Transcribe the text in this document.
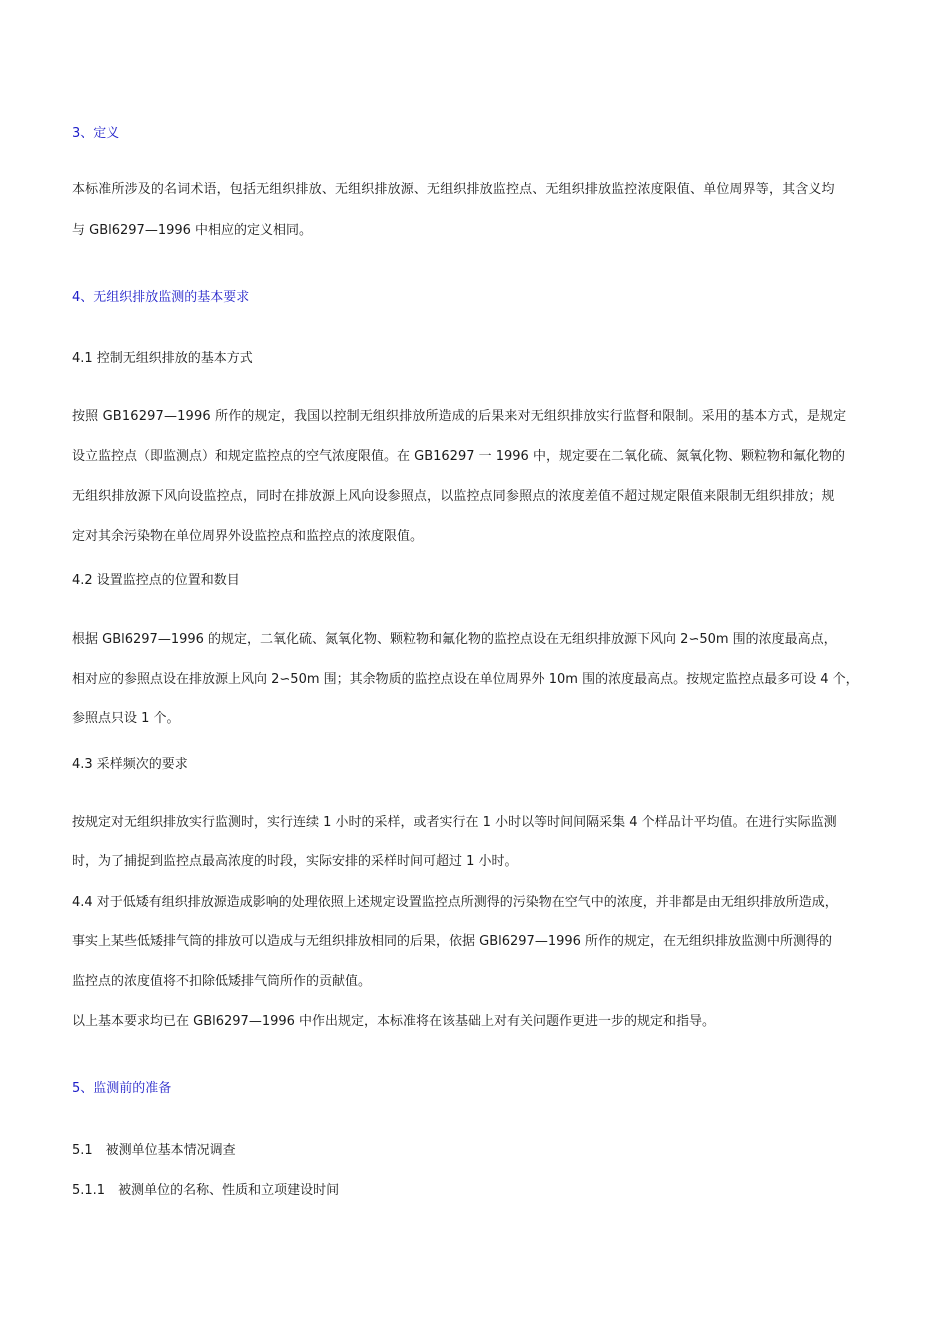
3、定义

本标准所涉及的名词术语，包括无组织排放、无组织排放源、无组织排放监控点、无组织排放监控浓度限值、单位周界等，其含义均

与 GBl6297—1996 中相应的定义相同。

4、无组织排放监测的基本要求

4.1 控制无组织排放的基本方式

按照 GB16297—1996 所作的规定，我国以控制无组织排放所造成的后果来对无组织排放实行监督和限制。采用的基本方式，是规定

设立监控点（即监测点）和规定监控点的空气浓度限值。在 GB16297 一 1996 中，规定要在二氧化硫、氮氧化物、颗粒物和氟化物的

无组织排放源下风向设监控点，同时在排放源上风向设参照点，以监控点同参照点的浓度差值不超过规定限值来限制无组织排放；规

定对其余污染物在单位周界外设监控点和监控点的浓度限值。

4.2 设置监控点的位置和数目

根据 GBl6297—1996 的规定，二氧化硫、氮氧化物、颗粒物和氟化物的监控点设在无组织排放源下风向 2∽50m 围的浓度最高点，

相对应的参照点设在排放源上风向 2∽50m 围；其余物质的监控点设在单位周界外 10m 围的浓度最高点。按规定监控点最多可设 4 个，

参照点只设 1 个。

4.3 采样频次的要求

按规定对无组织排放实行监测时，实行连续 1 小时的采样，或者实行在 1 小时以等时间间隔采集 4 个样品计平均值。在进行实际监测

时，为了捕捉到监控点最高浓度的时段，实际安排的采样时间可超过 1 小时。

4.4 对于低矮有组织排放源造成影响的处理依照上述规定设置监控点所测得的污染物在空气中的浓度，并非都是由无组织排放所造成，

事实上某些低矮排气筒的排放可以造成与无组织排放相同的后果，依据 GBl6297—1996 所作的规定，在无组织排放监测中所测得的

监控点的浓度值将不扣除低矮排气筒所作的贡献值。

以上基本要求均已在 GBl6297—1996 中作出规定，本标准将在该基础上对有关问题作更进一步的规定和指导。

5、监测前的准备

5.1　被测单位基本情况调查

5.1.1　被测单位的名称、性质和立项建设时间
